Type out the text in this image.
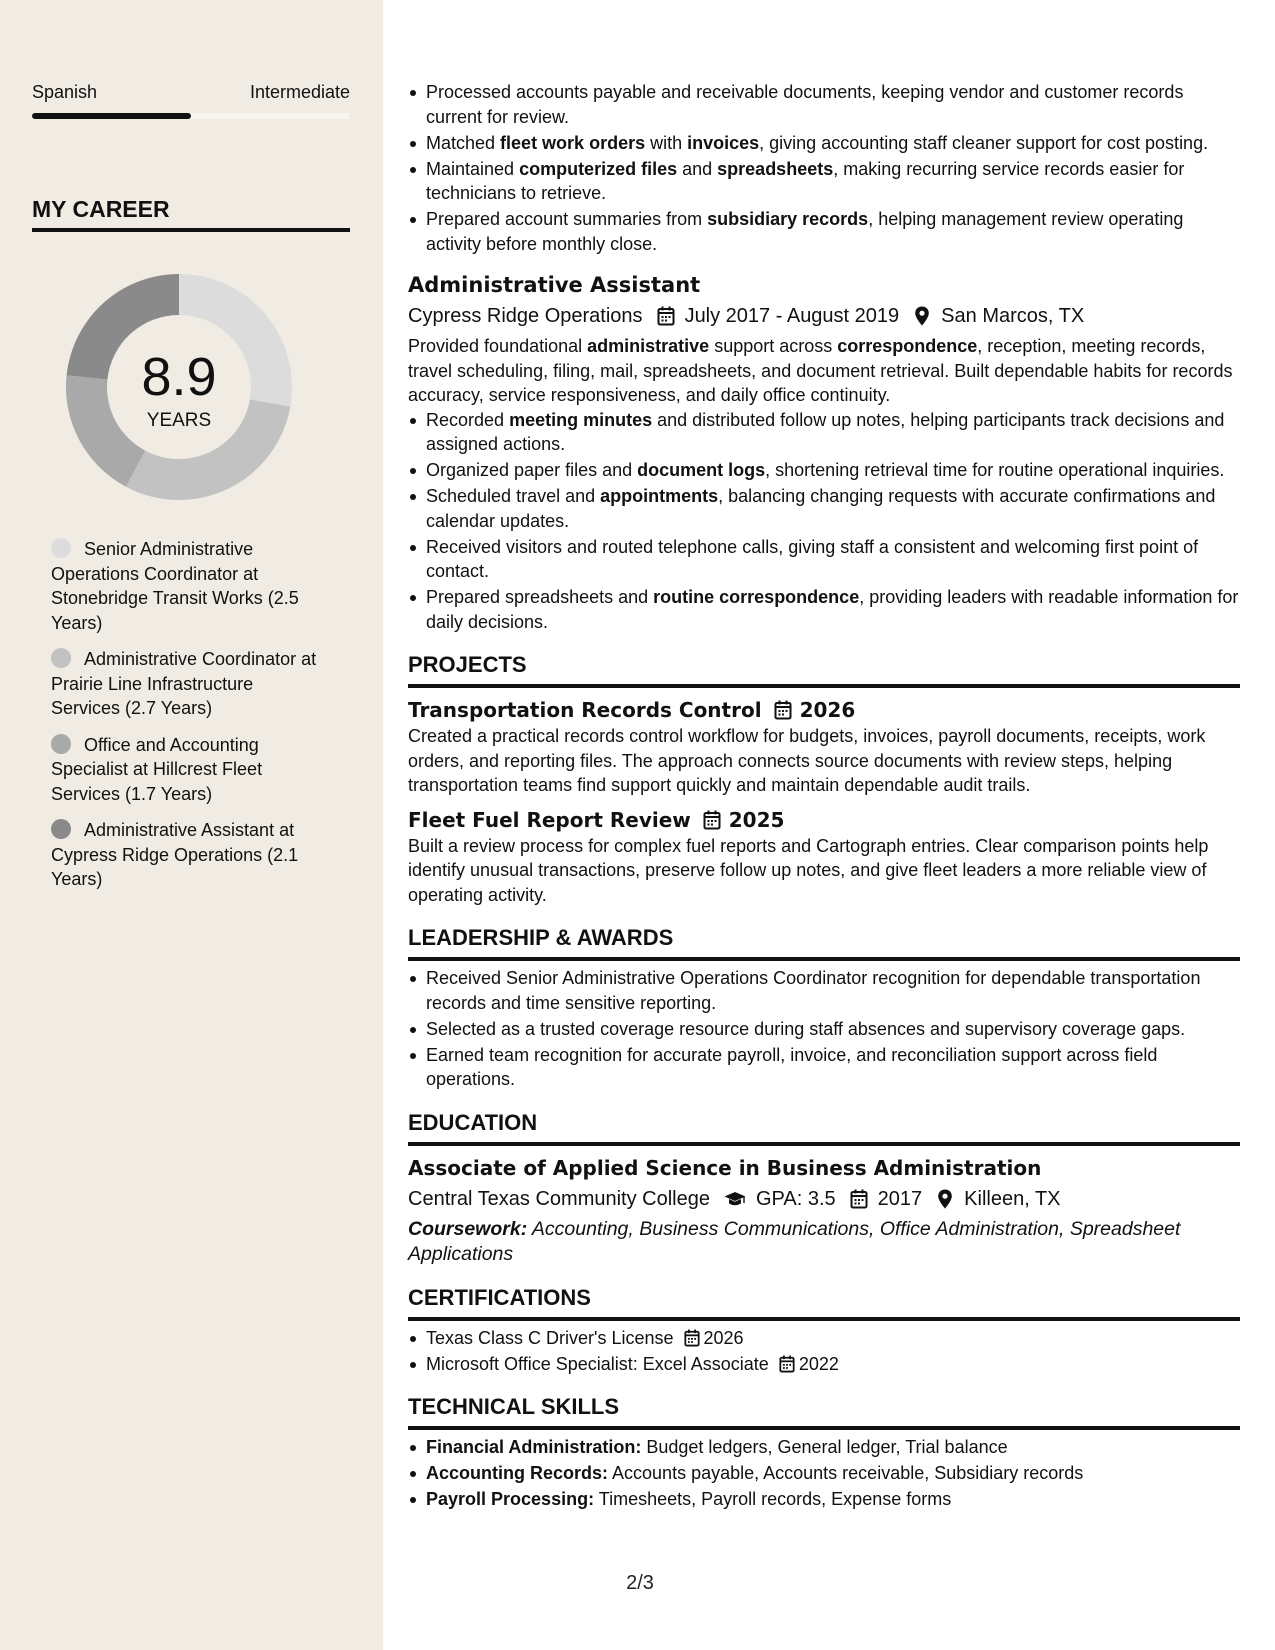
Spanish	Intermediate
MY CAREER
8.9
YEARS
Senior Administrative Operations Coordinator at Stonebridge Transit Works (2.5 Years)
Administrative Coordinator at Prairie Line Infrastructure Services (2.7 Years)
Office and Accounting Specialist at Hillcrest Fleet Services (1.7 Years)
Administrative Assistant at Cypress Ridge Operations (2.1 Years)
Processed accounts payable and receivable documents, keeping vendor and customer records current for review.
Matched fleet work orders with invoices, giving accounting staff cleaner support for cost posting.
Maintained computerized files and spreadsheets, making recurring service records easier for technicians to retrieve.
Prepared account summaries from subsidiary records, helping management review operating activity before monthly close.
Administrative Assistant
Cypress Ridge Operations July 2017 - August 2019 San Marcos, TX

Provided foundational administrative support across correspondence, reception, meeting records, travel scheduling, filing, mail, spreadsheets, and document retrieval. Built dependable habits for records accuracy, service responsiveness, and daily office continuity.

Recorded meeting minutes and distributed follow up notes, helping participants track decisions and assigned actions.
Organized paper files and document logs, shortening retrieval time for routine operational inquiries.
Scheduled travel and appointments, balancing changing requests with accurate confirmations and calendar updates.
Received visitors and routed telephone calls, giving staff a consistent and welcoming first point of contact.
Prepared spreadsheets and routine correspondence, providing leaders with readable information for daily decisions.
PROJECTS
Transportation Records Control 2026

Created a practical records control workflow for budgets, invoices, payroll documents, receipts, work orders, and reporting files. The approach connects source documents with review steps, helping transportation teams find support quickly and maintain dependable audit trails.

Fleet Fuel Report Review 2025

Built a review process for complex fuel reports and Cartograph entries. Clear comparison points help identify unusual transactions, preserve follow up notes, and give fleet leaders a more reliable view of operating activity.

LEADERSHIP & AWARDS
Received Senior Administrative Operations Coordinator recognition for dependable transportation records and time sensitive reporting.
Selected as a trusted coverage resource during staff absences and supervisory coverage gaps.
Earned team recognition for accurate payroll, invoice, and reconciliation support across field operations.
EDUCATION
Associate of Applied Science in Business Administration
Central Texas Community College GPA: 3.5 2017 Killeen, TX

Coursework: Accounting, Business Communications, Office Administration, Spreadsheet Applications

CERTIFICATIONS
Texas Class C Driver's License 2026
Microsoft Office Specialist: Excel Associate 2022
TECHNICAL SKILLS
Financial Administration: Budget ledgers, General ledger, Trial balance
Accounting Records: Accounts payable, Accounts receivable, Subsidiary records
Payroll Processing: Timesheets, Payroll records, Expense forms
2/3
